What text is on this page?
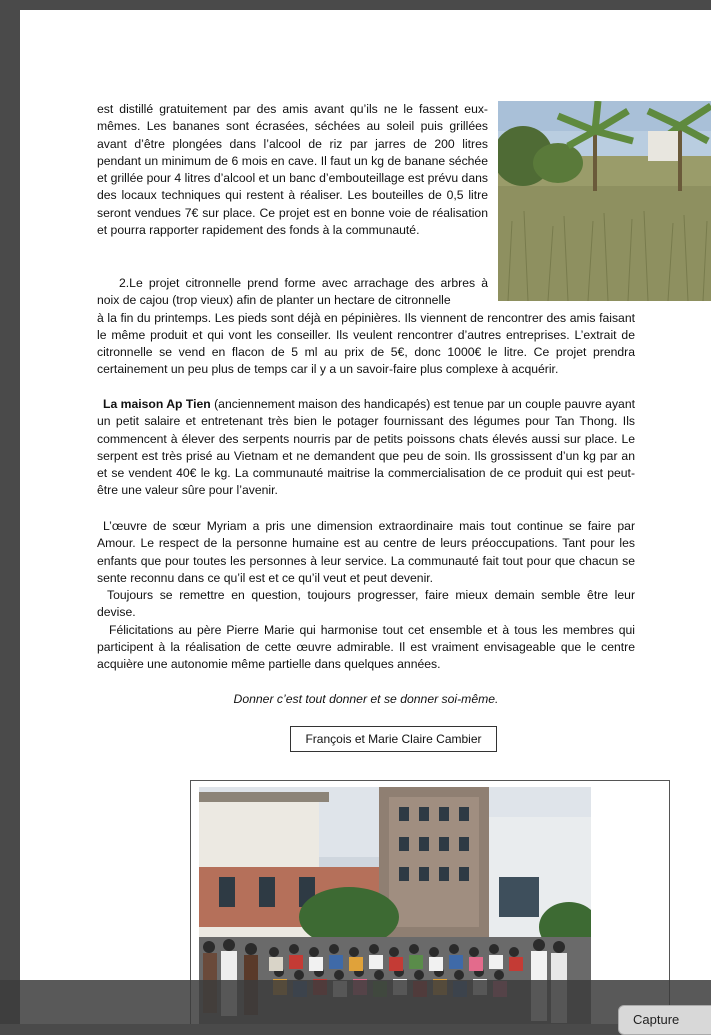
est distillé gratuitement par des amis avant qu’ils ne le fassent eux-mêmes. Les bananes sont écrasées, séchées au soleil puis grillées avant d’être plongées dans l’alcool de riz par jarres de 200 litres pendant un minimum de 6 mois en cave. Il faut un kg de banane séchée et grillée pour 4 litres d’alcool et un banc d’embouteillage est prévu dans des locaux techniques qui restent à réaliser. Les bouteilles de 0,5 litre seront vendues 7€ sur place. Ce projet est en bonne voie de réalisation et pourra rapporter rapidement des fonds à la communauté.

2.Le projet citronnelle prend forme avec arrachage des arbres à noix de cajou (trop vieux) afin de planter un hectare de citronnelle

à la fin du printemps. Les pieds sont déjà en pépinières. Ils viennent de rencontrer des amis faisant le même produit et qui vont les conseiller. Ils veulent rencontrer d’autres entreprises. L’extrait de citronnelle se vend en flacon de 5 ml au prix de 5€, donc 1000€ le litre. Ce projet prendra certainement un peu plus de temps car il y a un savoir-faire plus complexe à acquérir.

La maison Ap Tien (anciennement maison des handicapés) est tenue par un couple pauvre ayant un petit salaire et entretenant très bien le potager fournissant des légumes pour Tan Thong. Ils commencent à élever des serpents nourris par de petits poissons chats élevés aussi sur place. Le serpent est très prisé au Vietnam et ne demandent que peu de soin. Ils grossissent d’un kg par an et se vendent 40€ le kg. La communauté maitrise la commercialisation de ce produit qui est peut-être une valeur sûre pour l’avenir.

L’œuvre de sœur Myriam a pris une dimension extraordinaire mais tout continue se faire par Amour. Le respect de la personne humaine est au centre de leurs préoccupations. Tant pour les enfants que pour toutes les personnes à leur service. La communauté fait tout pour que chacun se sente reconnu dans ce qu’il est et ce qu’il veut et peut devenir.

Toujours se remettre en question, toujours progresser, faire mieux demain semble être leur devise.

Félicitations au père Pierre Marie qui harmonise tout cet ensemble et à tous les membres qui participent à la réalisation de cette œuvre admirable. Il est vraiment envisageable que le centre acquière une autonomie même partielle dans quelques années.

Donner c’est tout donner et se donner soi-même.
François et Marie Claire Cambier
Capture
